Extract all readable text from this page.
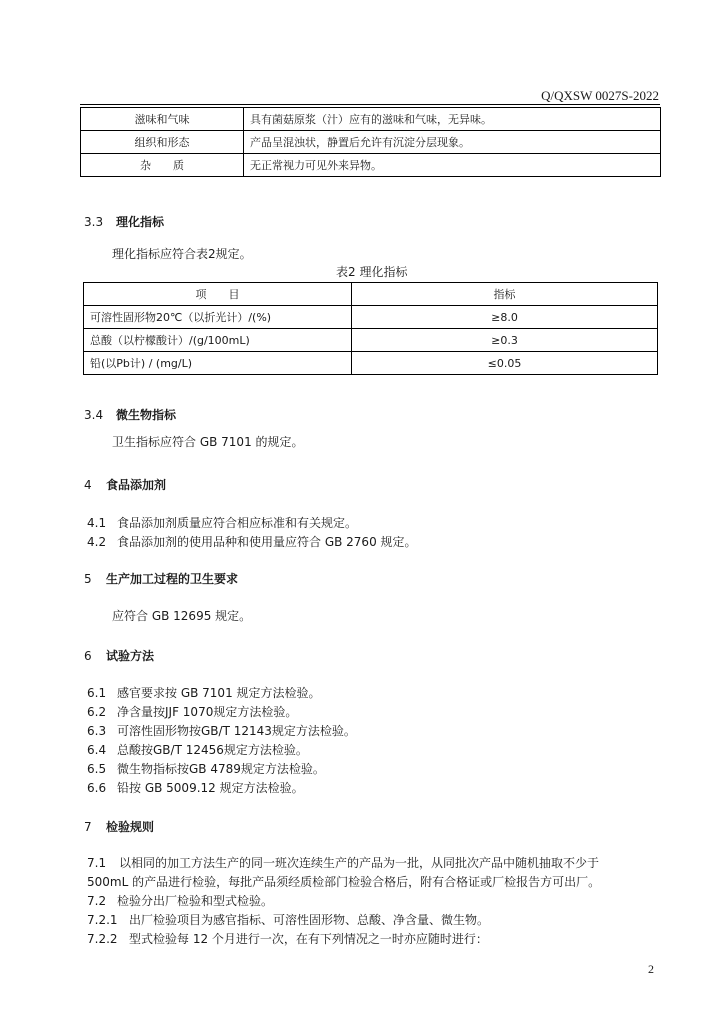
Q/QXSW 0027S-2022
滋味和气味	具有菌菇原浆（汁）应有的滋味和气味，无异味。
组织和形态	产品呈混浊状，静置后允许有沉淀分层现象。
杂　　质	无正常视力可见外来异物。
3.3 理化指标
理化指标应符合表2规定。
表2 理化指标
项　　目	指标
可溶性固形物20℃（以折光计）/(%)	≥8.0
总酸（以柠檬酸计）/(g/100mL)	≥0.3
铅(以Pb计) / (mg/L)	≤0.05
3.4 微生物指标
卫生指标应符合 GB 7101 的规定。
4 食品添加剂
4.1 食品添加剂质量应符合相应标准和有关规定。
4.2 食品添加剂的使用品种和使用量应符合 GB 2760 规定。
5 生产加工过程的卫生要求
应符合 GB 12695 规定。
6 试验方法
6.1 感官要求按 GB 7101 规定方法检验。
6.2 净含量按JJF 1070规定方法检验。
6.3 可溶性固形物按GB/T 12143规定方法检验。
6.4 总酸按GB/T 12456规定方法检验。
6.5 微生物指标按GB 4789规定方法检验。
6.6 铅按 GB 5009.12 规定方法检验。
7 检验规则
7.1 以相同的加工方法生产的同一班次连续生产的产品为一批，从同批次产品中随机抽取不少于
500mL 的产品进行检验，每批产品须经质检部门检验合格后，附有合格证或厂检报告方可出厂。
7.2 检验分出厂检验和型式检验。
7.2.1 出厂检验项目为感官指标、可溶性固形物、总酸、净含量、微生物。
7.2.2 型式检验每 12 个月进行一次，在有下列情况之一时亦应随时进行：
2
